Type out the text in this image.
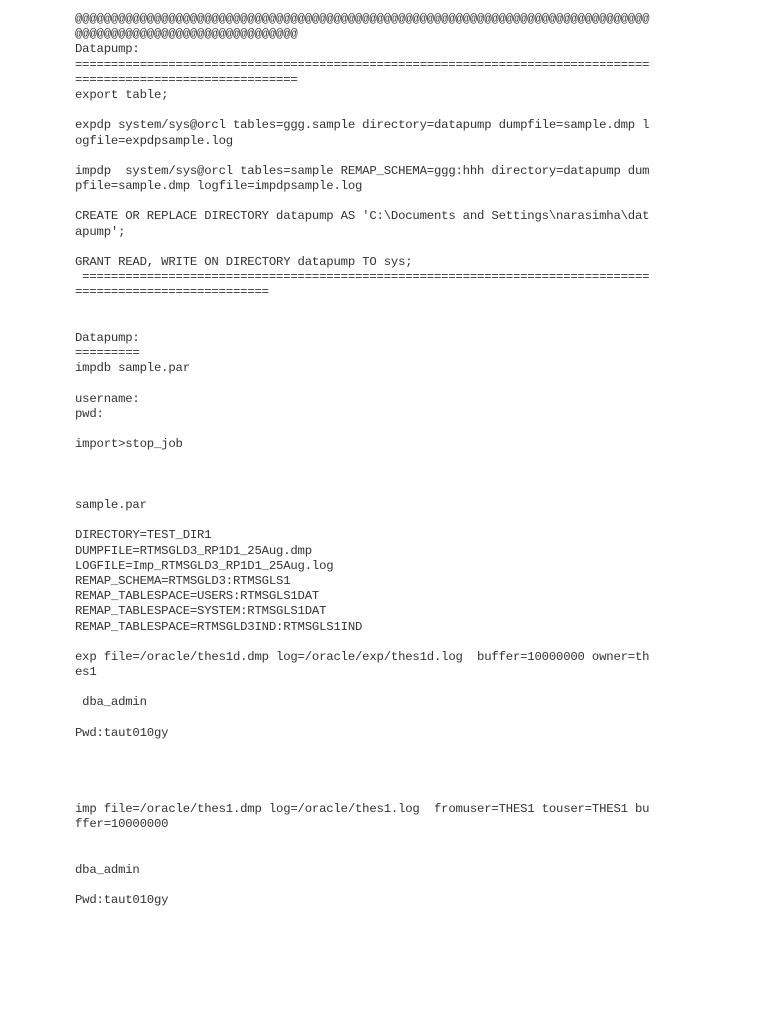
@@@@@@@@@@@@@@@@@@@@@@@@@@@@@@@@@@@@@@@@@@@@@@@@@@@@@@@@@@@@@@@@@@@@@@@@@@@@@@@@
@@@@@@@@@@@@@@@@@@@@@@@@@@@@@@@
Datapump:
================================================================================
===============================
export table;
expdp system/sys@orcl tables=ggg.sample directory=datapump dumpfile=sample.dmp l
ogfile=expdpsample.log
impdp  system/sys@orcl tables=sample REMAP_SCHEMA=ggg:hhh directory=datapump dum
pfile=sample.dmp logfile=impdpsample.log
CREATE OR REPLACE DIRECTORY datapump AS 'C:\Documents and Settings\narasimha\dat
apump';
GRANT READ, WRITE ON DIRECTORY datapump TO sys;
===============================================================================
===========================
Datapump:
=========
impdb sample.par
username:
pwd:
import>stop_job
sample.par
DIRECTORY=TEST_DIR1
DUMPFILE=RTMSGLD3_RP1D1_25Aug.dmp
LOGFILE=Imp_RTMSGLD3_RP1D1_25Aug.log
REMAP_SCHEMA=RTMSGLD3:RTMSGLS1
REMAP_TABLESPACE=USERS:RTMSGLS1DAT
REMAP_TABLESPACE=SYSTEM:RTMSGLS1DAT
REMAP_TABLESPACE=RTMSGLD3IND:RTMSGLS1IND
exp file=/oracle/thes1d.dmp log=/oracle/exp/thes1d.log  buffer=10000000 owner=th
es1
dba_admin
Pwd:taut010gy
imp file=/oracle/thes1.dmp log=/oracle/thes1.log  fromuser=THES1 touser=THES1 bu
ffer=10000000
dba_admin
Pwd:taut010gy
